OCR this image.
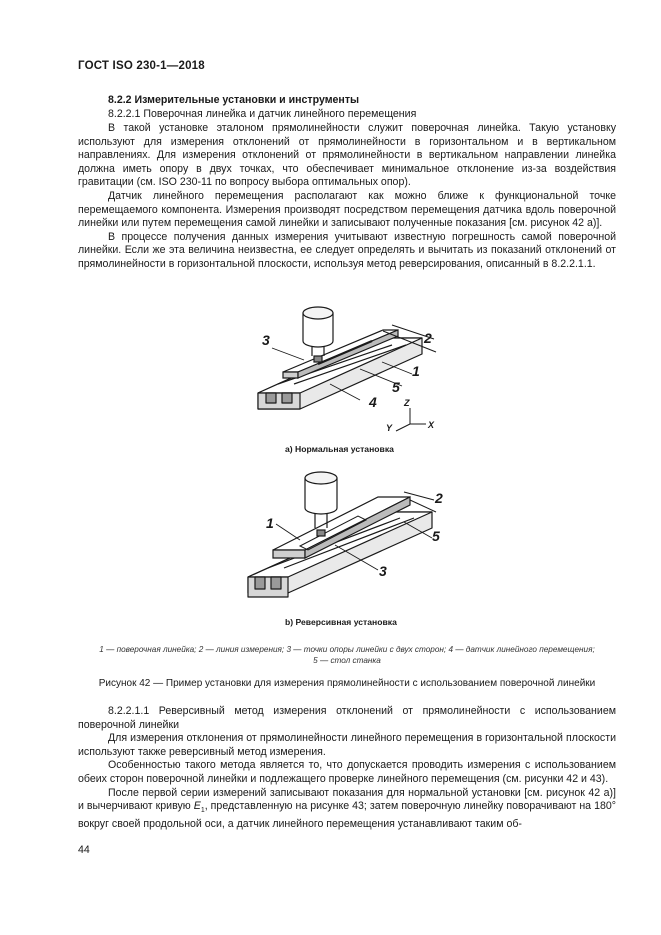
ГОСТ ISO 230-1—2018
8.2.2 Измерительные установки и инструменты
8.2.2.1 Поверочная линейка и датчик линейного перемещения

В такой установке эталоном прямолинейности служит поверочная линейка. Такую установку используют для измерения отклонений от прямолинейности в горизонтальном и в вертикальном направлениях. Для измерения отклонений от прямолинейности в вертикальном направлении линейка должна иметь опору в двух точках, что обеспечивает минимальное отклонение из-за воздействия гравитации (см. ISO 230-11 по вопросу выбора оптимальных опор).

Датчик линейного перемещения располагают как можно ближе к функциональной точке перемещаемого компонента. Измерения производят посредством перемещения датчика вдоль поверочной линейки или путем перемещения самой линейки и записывают полученные показания [см. рисунок 42 а)].

В процессе получения данных измерения учитывают известную погрешность самой поверочной линейки. Если же эта величина неизвестна, ее следует определять и вычитать из показаний отклонений от прямолинейности в горизонтальной плоскости, используя метод реверсирования, описанный в 8.2.2.1.1.

3	2
1
5
4	Z
Y	X
1
2
3
5
а) Нормальная установка
b) Реверсивная установка
1 — поверочная линейка; 2 — линия измерения; 3 — точки опоры линейки с двух сторон; 4 — датчик линейного перемещения;
5 — стол станка
Рисунок 42 — Пример установки для измерения прямолинейности с использованием поверочной линейки

8.2.2.1.1 Реверсивный метод измерения отклонений от прямолинейности с использованием поверочной линейки

Для измерения отклонения от прямолинейности линейного перемещения в горизонтальной плоскости используют также реверсивный метод измерения.

Особенностью такого метода является то, что допускается проводить измерения с использованием обеих сторон поверочной линейки и подлежащего проверке линейного перемещения (см. рисунки 42 и 43).

После первой серии измерений записывают показания для нормальной установки [см. рисунок 42 а)] и вычерчивают кривую $E_1$, представленную на рисунке 43; затем поверочную линейку поворачивают на 180° вокруг своей продольной оси, а датчик линейного перемещения устанавливают таким об-

44
